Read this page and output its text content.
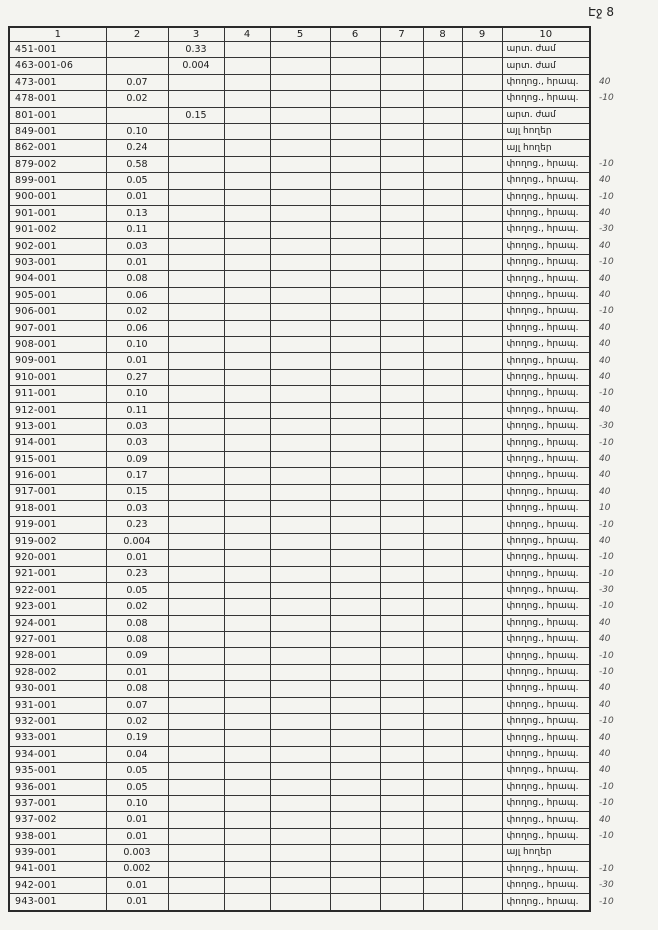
Էջ 8
1	2	3	4	5	6	7	8	9	10	
451-001		0.33							արտ. ժամ	
463-001-06		0.004							արտ. ժամ	
473-001	0.07								փողոց., հրապ.	40
478-001	0.02								փողոց., հրապ.	-10
801-001		0.15							արտ. ժամ	
849-001	0.10								այլ հողեր	
862-001	0.24								այլ հողեր	
879-002	0.58								փողոց., հրապ.	-10
899-001	0.05								փողոց., հրապ.	40
900-001	0.01								փողոց., հրապ.	-10
901-001	0.13								փողոց., հրապ.	40
901-002	0.11								փողոց., հրապ.	-30
902-001	0.03								փողոց., հրապ.	40
903-001	0.01								փողոց., հրապ.	-10
904-001	0.08								փողոց., հրապ.	40
905-001	0.06								փողոց., հրապ.	40
906-001	0.02								փողոց., հրապ.	-10
907-001	0.06								փողոց., հրապ.	40
908-001	0.10								փողոց., հրապ.	40
909-001	0.01								փողոց., հրապ.	40
910-001	0.27								փողոց., հրապ.	40
911-001	0.10								փողոց., հրապ.	-10
912-001	0.11								փողոց., հրապ.	40
913-001	0.03								փողոց., հրապ.	-30
914-001	0.03								փողոց., հրապ.	-10
915-001	0.09								փողոց., հրապ.	40
916-001	0.17								փողոց., հրապ.	40
917-001	0.15								փողոց., հրապ.	40
918-001	0.03								փողոց., հրապ.	10
919-001	0.23								փողոց., հրապ.	-10
919-002	0.004								փողոց., հրապ.	40
920-001	0.01								փողոց., հրապ.	-10
921-001	0.23								փողոց., հրապ.	-10
922-001	0.05								փողոց., հրապ.	-30
923-001	0.02								փողոց., հրապ.	-10
924-001	0.08								փողոց., հրապ.	40
927-001	0.08								փողոց., հրապ.	40
928-001	0.09								փողոց., հրապ.	-10
928-002	0.01								փողոց., հրապ.	-10
930-001	0.08								փողոց., հրապ.	40
931-001	0.07								փողոց., հրապ.	40
932-001	0.02								փողոց., հրապ.	-10
933-001	0.19								փողոց., հրապ.	40
934-001	0.04								փողոց., հրապ.	40
935-001	0.05								փողոց., հրապ.	40
936-001	0.05								փողոց., հրապ.	-10
937-001	0.10								փողոց., հրապ.	-10
937-002	0.01								փողոց., հրապ.	40
938-001	0.01								փողոց., հրապ.	-10
939-001	0.003								այլ հողեր	
941-001	0.002								փողոց., հրապ.	-10
942-001	0.01								փողոց., հրապ.	-30
943-001	0.01								փողոց., հրապ.	-10
